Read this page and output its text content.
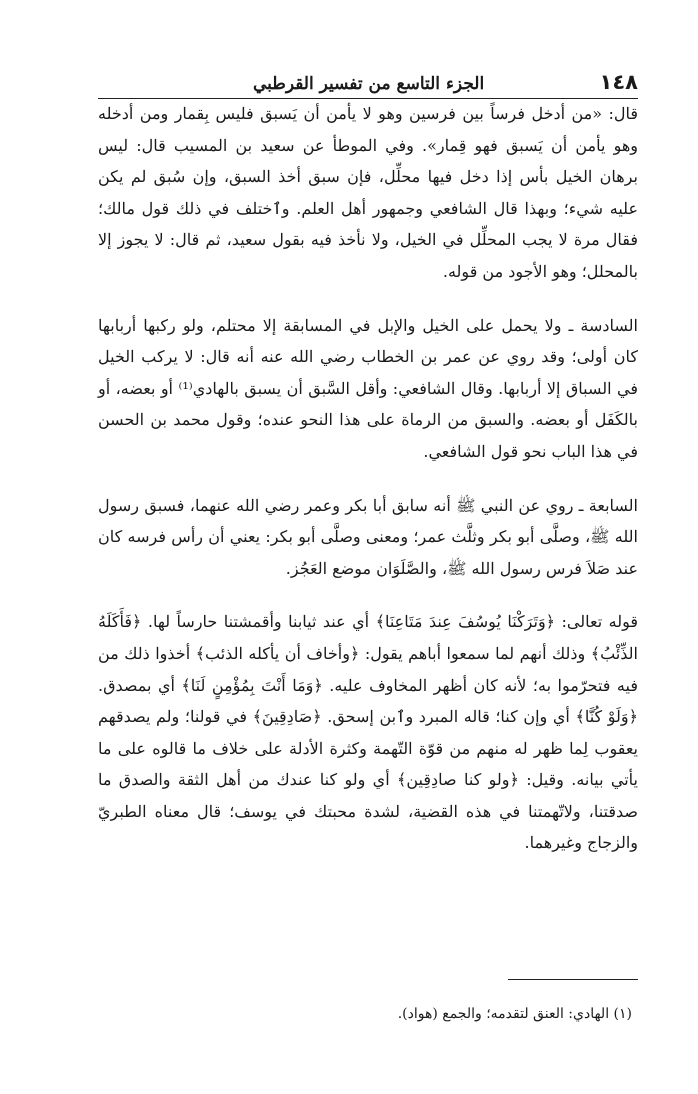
١٤٨
الجزء التاسع من تفسير القرطبي

قال: «من أدخل فرساً بين فرسين وهو لا يأمن أن يَسبق فليس بِقمار ومن أدخله وهو يأمن أن يَسبق فهو قِمار». وفي الموطأ عن سعيد بن المسيب قال: ليس برهان الخيل بأس إذا دخل فيها محلِّل، فإن سبق أخذ السبق، وإن سُبق لم يكن عليه شيء؛ وبهذا قال الشافعي وجمهور أهل العلم. وٱختلف في ذلك قول مالك؛ فقال مرة لا يجب المحلِّل في الخيل، ولا نأخذ فيه بقول سعيد، ثم قال: لا يجوز إلا بالمحلل؛ وهو الأجود من قوله.

السادسة ـ ولا يحمل على الخيل والإبل في المسابقة إلا محتلم، ولو ركبها أربابها كان أولى؛ وقد روي عن عمر بن الخطاب رضي الله عنه أنه قال: لا يركب الخيل في السباق إلا أربابها. وقال الشافعي: وأقل السَّبق أن يسبق بالهادي⁽¹⁾ أو بعضه، أو بالكَفَل أو بعضه. والسبق من الرماة على هذا النحو عنده؛ وقول محمد بن الحسن في هذا الباب نحو قول الشافعي.

السابعة ـ روي عن النبي ﷺ أنه سابق أبا بكر وعمر رضي الله عنهما، فسبق رسول الله ﷺ، وصلَّى أبو بكر وثلَّث عمر؛ ومعنى وصلَّى أبو بكر: يعني أن رأس فرسه كان عند صَلاَ فرس رسول الله ﷺ، والصَّلَوَان موضع العَجُز.

قوله تعالى: ﴿وَتَرَكْنَا يُوسُفَ عِندَ مَتَاعِنَا﴾ أي عند ثيابنا وأقمشتنا حارساً لها. ﴿فَأَكَلَهُ الذِّئْبُ﴾ وذلك أنهم لما سمعوا أباهم يقول: ﴿وأخاف أن يأكله الذئب﴾ أخذوا ذلك من فيه فتحرّموا به؛ لأنه كان أظهر المخاوف عليه. ﴿وَمَا أَنْتَ بِمُؤْمِنٍ لَنَا﴾ أي بمصدق. ﴿وَلَوْ كُنَّا﴾ أي وإن كنا؛ قاله المبرد وٱبن إسحق. ﴿صَادِقِينَ﴾ في قولنا؛ ولم يصدقهم يعقوب لِما ظهر له منهم من قوّة التّهمة وكثرة الأدلة على خلاف ما قالوه على ما يأتي بيانه. وقيل: ﴿ولو كنا صادِقِين﴾ أي ولو كنا عندك من أهل الثقة والصدق ما صدقتنا، ولاتّهمتنا في هذه القضية، لشدة محبتك في يوسف؛ قال معناه الطبريّ والزجاج وغيرهما.

(١) الهادي: العنق لتقدمه؛ والجمع (هواد).
